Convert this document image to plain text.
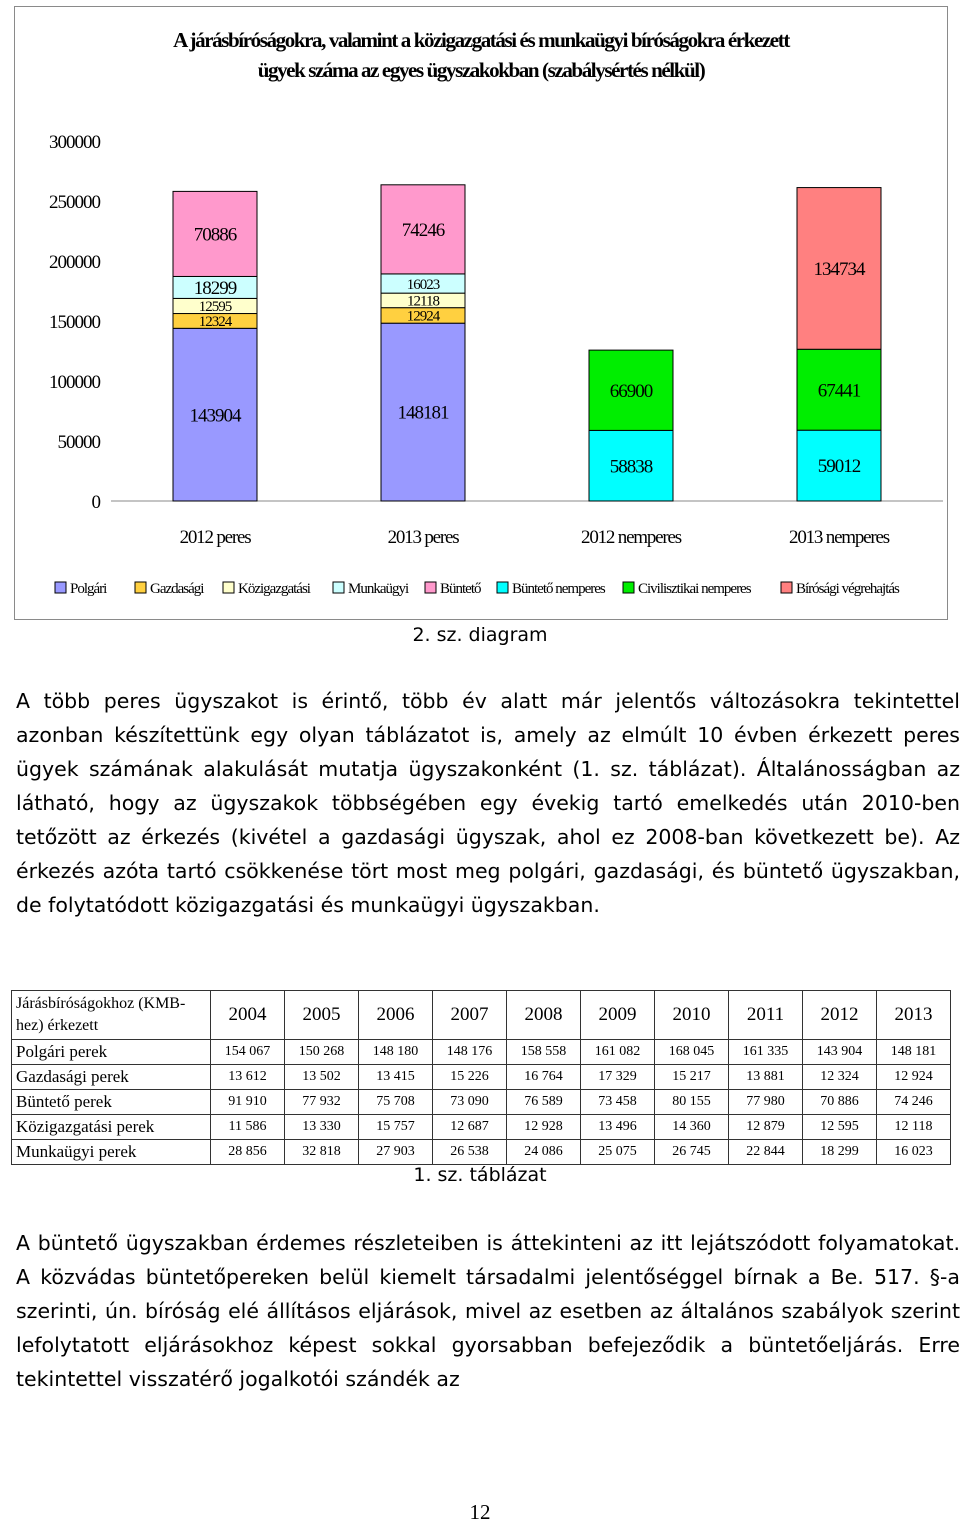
A járásbíróságokra, valamint a közigazgatási és munkaügyi bíróságokra érkezett
ügyek száma az egyes ügyszakokban (szabálysértés nélkül)
0
50000
100000
150000
200000
250000
300000
143904
12324
12595
18299
70886
2012 peres
148181
12924
12118
16023
74246
2013 peres
58838
66900
2012 nemperes
59012
67441
134734
2013 nemperes
Polgári	Gazdasági Közigazgatási	Munkaügyi Büntető Büntető nemperes Civilisztikai nemperes	Bírósági végrehajtás
2. sz. diagram

A több peres ügyszakot is érintő, több év alatt már jelentős változásokra tekintettel azonban készítettünk egy olyan táblázatot is, amely az elmúlt 10 évben érkezett peres ügyek számának alakulását mutatja ügyszakonként (1. sz. táblázat). Általánosságban az látható, hogy az ügyszakok többségében egy évekig tartó emelkedés után 2010-ben tetőzött az érkezés (kivétel a gazdasági ügyszak, ahol ez 2008-ban következett be). Az érkezés azóta tartó csökkenése tört most meg polgári, gazdasági, és büntető ügyszakban, de folytatódott közigazgatási és munkaügyi ügyszakban.

Járásbíróságokhoz (KMB-hez) érkezett	2004	2005	2006	2007	2008	2009	2010	2011	2012	2013
Polgári perek	154 067	150 268	148 180	148 176	158 558	161 082	168 045	161 335	143 904	148 181
Gazdasági perek	13 612	13 502	13 415	15 226	16 764	17 329	15 217	13 881	12 324	12 924
Büntető perek	91 910	77 932	75 708	73 090	76 589	73 458	80 155	77 980	70 886	74 246
Közigazgatási perek	11 586	13 330	15 757	12 687	12 928	13 496	14 360	12 879	12 595	12 118
Munkaügyi perek	28 856	32 818	27 903	26 538	24 086	25 075	26 745	22 844	18 299	16 023
1. sz. táblázat

A büntető ügyszakban érdemes részleteiben is áttekinteni az itt lejátszódott folyamatokat. A közvádas büntetőpereken belül kiemelt társadalmi jelentőséggel bírnak a Be. 517. §-a szerinti, ún. bíróság elé állításos eljárások, mivel az esetben az általános szabályok szerint lefolytatott eljárásokhoz képest sokkal gyorsabban befejeződik a büntetőeljárás. Erre tekintettel visszatérő jogalkotói szándék az

12
